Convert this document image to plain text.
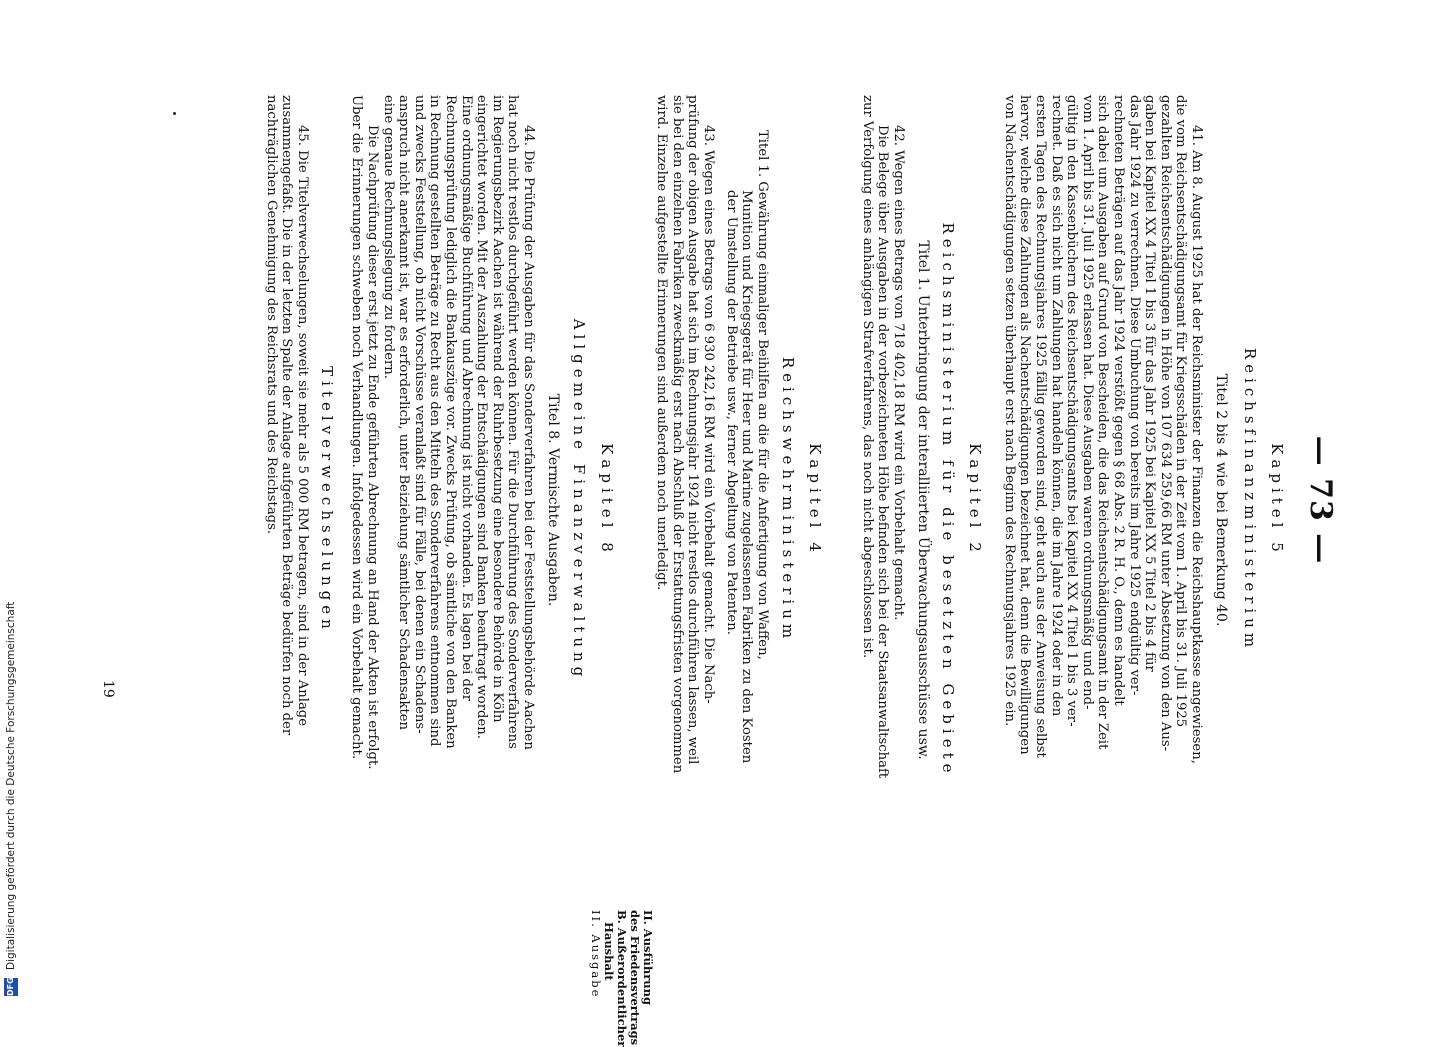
— 73 —
Kapitel 5
Reichsfinanzministerium
Titel 2 bis 4 wie bei Bemerkung 40.
41. Am 8. August 1925 hat der Reichsminister der Finanzen die Reichshauptkasse angewiesen,
die vom Reichsentschädigungsamt für Kriegsschäden in der Zeit vom 1. April bis 31. Juli 1925
gezahlten Reichsentschädigungen in Höhe von 107 634 259,66 RM unter Absetzung von den Aus-
gaben bei Kapitel XX 4 Titel 1 bis 3 für das Jahr 1925 bei Kapitel XX 5 Titel 2 bis 4 für
das Jahr 1924 zu verrechnen. Diese Umbuchung von bereits im Jahre 1925 endgültig ver-
rechneten Beträgen auf das Jahr 1924 verstößt gegen § 68 Abs. 2 R. H. O., denn es handelt
sich dabei um Ausgaben auf Grund von Bescheiden, die das Reichsentschädigungsamt in der Zeit
vom 1. April bis 31. Juli 1925 erlassen hat. Diese Ausgaben waren ordnungsmäßig und end-
gültig in den Kassenbüchern des Reichsentschädigungsamts bei Kapitel XX 4 Titel 1 bis 3 ver-
rechnet. Daß es sich nicht um Zahlungen hat handeln können, die im Jahre 1924 oder in den
ersten Tagen des Rechnungsjahres 1925 fällig geworden sind, geht auch aus der Anweisung selbst
hervor, welche diese Zahlungen als Nachentschädigungen bezeichnet hat, denn die Bewilligungen
von Nachentschädigungen setzen überhaupt erst nach Beginn des Rechnungsjahres 1925 ein.
II. Ausführung
des Friedensvertrags
B. Außerordentlicher
Haushalt
II. Ausgabe
Kapitel 2
Reichsministerium für die besetzten Gebiete
Titel 1. Unterbringung der interalliierten Überwachungsausschüsse usw.
42. Wegen eines Betrags von 718 402,18 RM wird ein Vorbehalt gemacht.
Die Belege über Ausgaben in der vorbezeichneten Höhe befinden sich bei der Staatsanwaltschaft
zur Verfolgung eines anhängigen Strafverfahrens, das noch nicht abgeschlossen ist.
Kapitel 4
Reichswehrministerium
Titel 1. Gewährung einmaliger Beihilfen an die für die Anfertigung von Waffen,
Munition und Kriegsgerät für Heer und Marine zugelassenen Fabriken zu den Kosten
der Umstellung der Betriebe usw., ferner Abgeltung von Patenten.
43. Wegen eines Betrags von 6 930 242,16 RM wird ein Vorbehalt gemacht. Die Nach-
prüfung der obigen Ausgabe hat sich im Rechnungsjahr 1924 nicht restlos durchführen lassen, weil
sie bei den einzelnen Fabriken zweckmäßig erst nach Abschluß der Erstattungsfristen vorgenommen
wird. Einzelne aufgestellte Erinnerungen sind außerdem noch unerledigt.
Kapitel 8
Allgemeine Finanzverwaltung
Titel 8. Vermischte Ausgaben.
44. Die Prüfung der Ausgaben für das Sonderverfahren bei der Feststellungsbehörde Aachen
hat noch nicht restlos durchgeführt werden können. Für die Durchführung des Sonderverfahrens
im Regierungsbezirk Aachen ist während der Ruhrbesetzung eine besondere Behörde in Köln
eingerichtet worden. Mit der Auszahlung der Entschädigungen sind Banken beauftragt worden.
Eine ordnungsmäßige Buchführung und Abrechnung ist nicht vorhanden. Es lagen bei der
Rechnungsprüfung lediglich die Bankauszüge vor. Zwecks Prüfung, ob sämtliche von den Banken
in Rechnung gestellten Beträge zu Recht aus den Mitteln des Sonderverfahrens entnommen sind
und zwecks Feststellung, ob nicht Vorschüsse veranlaßt sind für Fälle, bei denen ein Schadens-
anspruch nicht anerkannt ist, war es erforderlich, unter Beiziehung sämtlicher Schadensakten
eine genaue Rechnungslegung zu fordern.
Die Nachprüfung dieser erst jetzt zu Ende geführten Abrechnung an Hand der Akten ist erfolgt.
Über die Erinnerungen schweben noch Verhandlungen. Infolgedessen wird ein Vorbehalt gemacht.
Titelverwechselungen
45. Die Titelverwechselungen, soweit sie mehr als 5 000 RM betragen, sind in der Anlage
zusammengefaßt. Die in der letzten Spalte der Anlage aufgeführten Beträge bedürfen noch der
nachträglichen Genehmigung des Reichsrats und des Reichstags.
19
DFG
Digitalisierung gefördert durch die Deutsche Forschungsgemeinschaft
